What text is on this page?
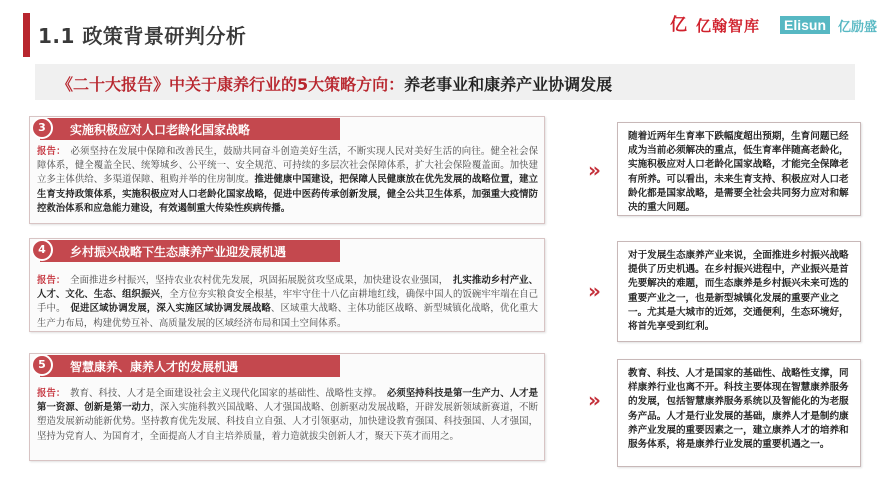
1.1 政策背景研判分析	亿 亿翰智库 Elisun 亿励盛
《二十大报告》中关于康养行业的5大策略方向：养老事业和康养产业协调发展
3	实施积极应对人口老龄化国家战略
报告：　必须坚持在发展中保障和改善民生，鼓励共同奋斗创造美好生活，不断实现人民对美好生活的向往。健全社会保障体系，健全覆盖全民、统筹城乡、公平统一、安全规范、可持续的多层次社会保障体系，扩大社会保险覆盖面。加快建立多主体供给、多渠道保障、租购并举的住房制度。推进健康中国建设，把保障人民健康放在优先发展的战略位置，建立生育支持政策体系，实施积极应对人口老龄化国家战略，促进中医药传承创新发展，健全公共卫生体系，加强重大疫情防控救治体系和应急能力建设，有效遏制重大传染性疾病传播。
»
随着近两年生育率下跌幅度超出预期，生育问题已经成为当前必须解决的重点，低生育率伴随高老龄化，实施积极应对人口老龄化国家战略，才能完全保障老有所养。可以看出，未来生育支持、积极应对人口老龄化都是国家战略，是需要全社会共同努力应对和解决的重大问题。
4	乡村振兴战略下生态康养产业迎发展机遇
报告：　全面推进乡村振兴，坚持农业农村优先发展，巩固拓展脱贫攻坚成果，加快建设农业强国，　扎实推动乡村产业、人才、文化、生态、组织振兴，全方位夯实粮食安全根基，牢牢守住十八亿亩耕地红线，确保中国人的饭碗牢牢端在自己手中。　促进区域协调发展，深入实施区域协调发展战略、区域重大战略、主体功能区战略、新型城镇化战略，优化重大生产力布局，构建优势互补、高质量发展的区域经济布局和国土空间体系。
»
对于发展生态康养产业来说，全面推进乡村振兴战略提供了历史机遇。在乡村振兴进程中，产业振兴是首先要解决的难题，而生态康养是乡村振兴未来可选的重要产业之一，也是新型城镇化发展的重要产业之一。尤其是大城市的近郊，交通便利，生态环境好，将首先享受到红利。
5	智慧康养、康养人才的发展机遇
报告：　教育、科技、人才是全面建设社会主义现代化国家的基础性、战略性支撑。　必须坚持科技是第一生产力、人才是第一资源、创新是第一动力，深入实施科教兴国战略、人才强国战略、创新驱动发展战略，开辟发展新领域新赛道，不断塑造发展新动能新优势。坚持教育优先发展、科技自立自强、人才引领驱动，加快建设教育强国、科技强国、人才强国，坚持为党育人、为国育才，全面提高人才自主培养质量，着力造就拔尖创新人才，聚天下英才而用之。
»
教育、科技、人才是国家的基础性、战略性支撑，同样康养行业也离不开。科技主要体现在智慧康养服务的发展，包括智慧康养服务系统以及智能化的为老服务产品。人才是行业发展的基础，康养人才是制约康养产业发展的重要因素之一，建立康养人才的培养和服务体系，将是康养行业发展的重要机遇之一。
